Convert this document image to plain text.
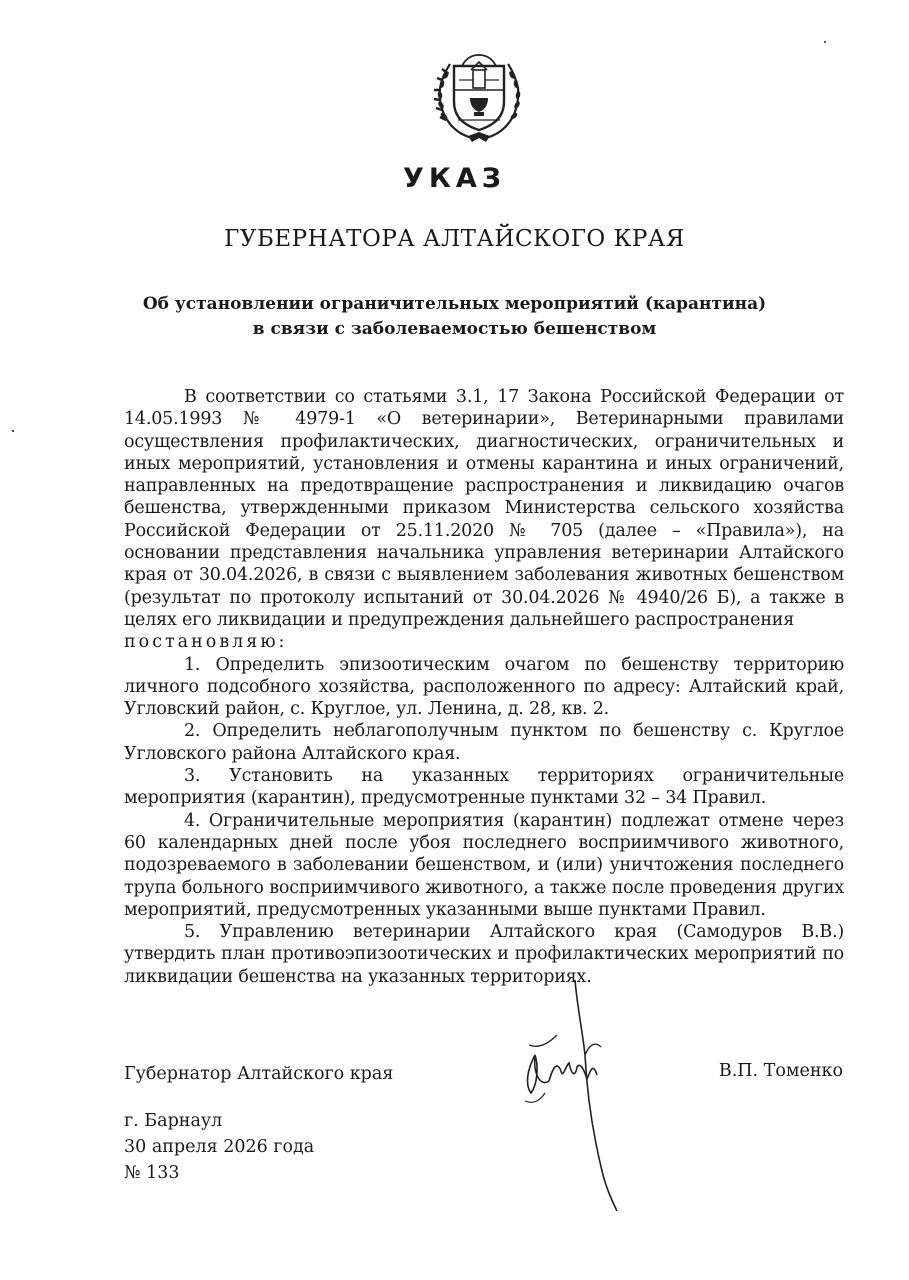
УКАЗ
ГУБЕРНАТОРА АЛТАЙСКОГО КРАЯ
Об установлении ограничительных мероприятий (карантина)
в связи с заболеваемостью бешенством

В соответствии со статьями 3.1, 17 Закона Российской Федерации от 14.05.1993 № 4979-1 «О ветеринарии», Ветеринарными правилами осуществления профилактических, диагностических, ограничительных и иных мероприятий, установления и отмены карантина и иных ограничений, направленных на предотвращение распространения и ликвидацию очагов бешенства, утвержденными приказом Министерства сельского хозяйства Российской Федерации от 25.11.2020 № 705 (далее – «Правила»), на основании представления начальника управления ветеринарии Алтайского края от 30.04.2026, в связи с выявлением заболевания животных бешенством (результат по протоколу испытаний от 30.04.2026 № 4940/26 Б), а также в целях его ликвидации и предупреждения дальнейшего распространения

постановляю:

1. Определить эпизоотическим очагом по бешенству территорию личного подсобного хозяйства, расположенного по адресу: Алтайский край, Угловский район, с. Круглое, ул. Ленина, д. 28, кв. 2.

2. Определить неблагополучным пунктом по бешенству с. Круглое Угловского района Алтайского края.

3. Установить на указанных территориях ограничительные мероприятия (карантин), предусмотренные пунктами 32 – 34 Правил.

4. Ограничительные мероприятия (карантин) подлежат отмене через 60 календарных дней после убоя последнего восприимчивого животного, подозреваемого в заболевании бешенством, и (или) уничтожения последнего трупа больного восприимчивого животного, а также после проведения других мероприятий, предусмотренных указанными выше пунктами Правил.

5. Управлению ветеринарии Алтайского края (Самодуров В.В.) утвердить план противоэпизоотических и профилактических мероприятий по ликвидации бешенства на указанных территориях.

Губернатор Алтайского края	В.П. Томенко
г. Барнаул
30 апреля 2026 года
№ 133
